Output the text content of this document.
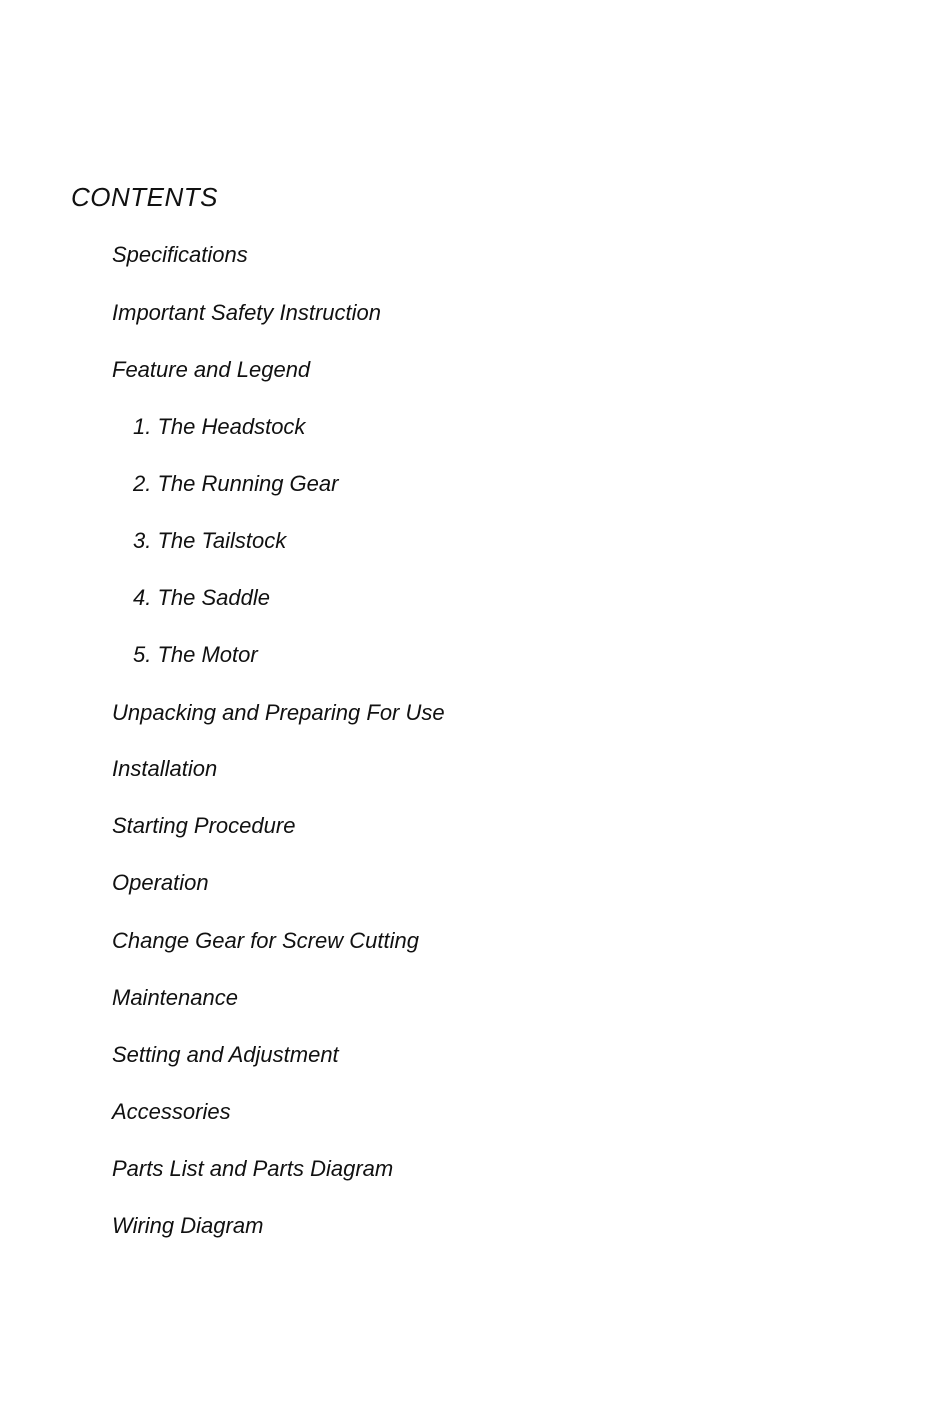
CONTENTS
Specifications
Important Safety Instruction
Feature and Legend
1. The Headstock
2. The Running Gear
3. The Tailstock
4. The Saddle
5. The Motor
Unpacking and Preparing For Use
Installation
Starting Procedure
Operation
Change Gear for Screw Cutting
Maintenance
Setting and Adjustment
Accessories
Parts List and Parts Diagram
Wiring Diagram
